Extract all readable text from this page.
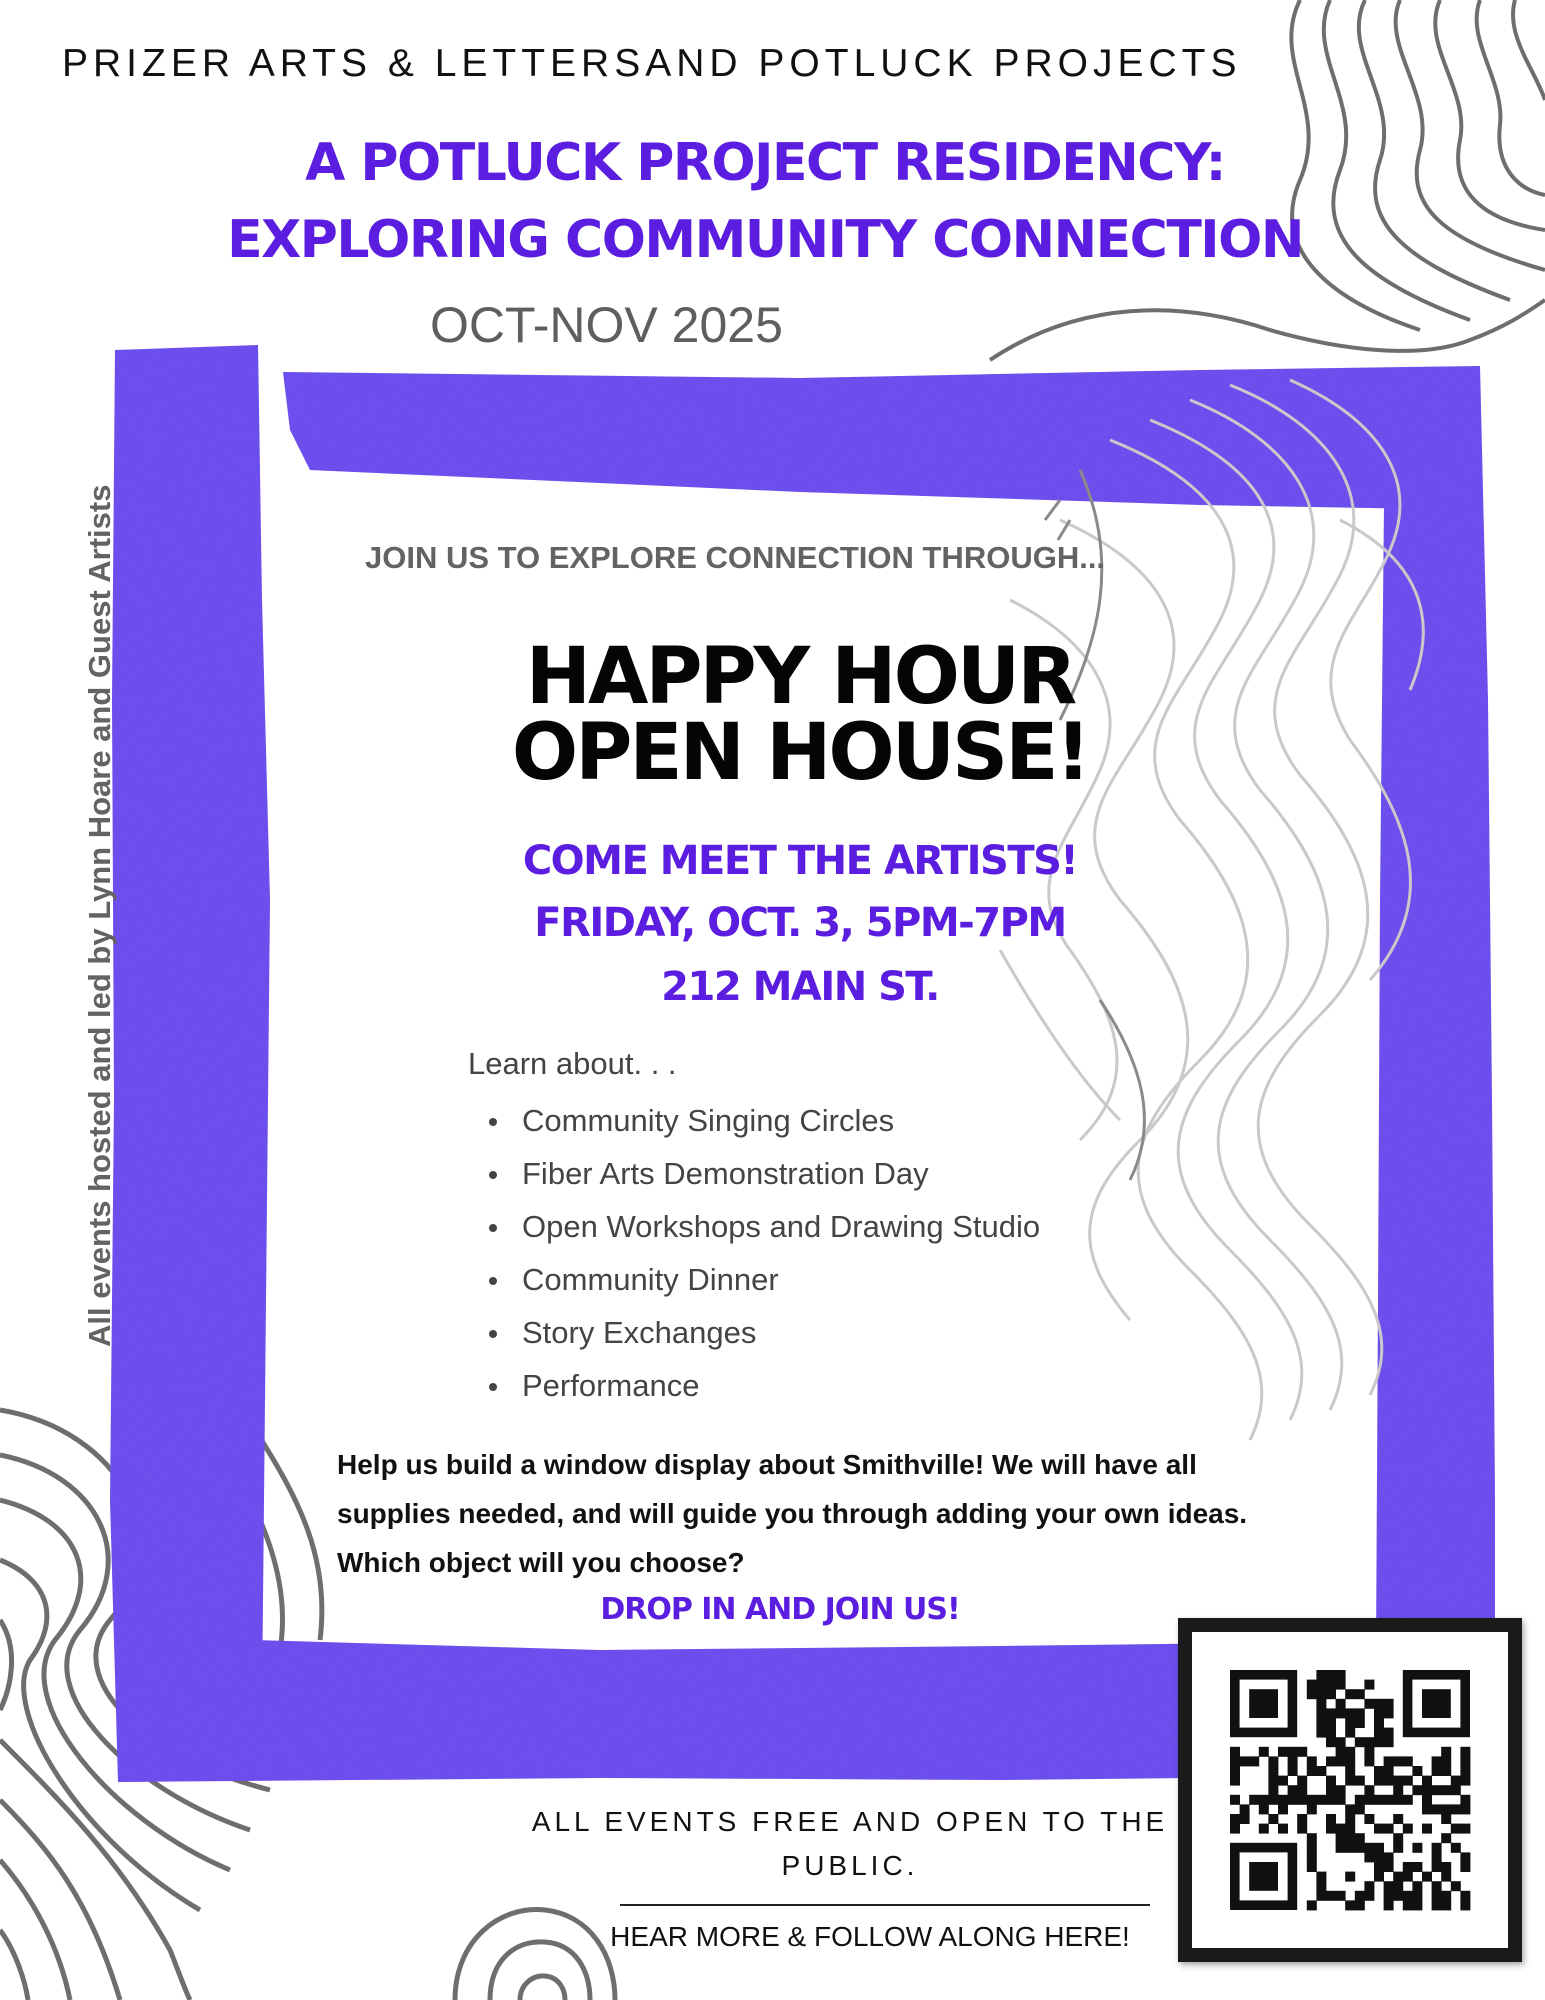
PRIZER ARTS & LETTERSAND POTLUCK PROJECTS
A POTLUCK PROJECT RESIDENCY:
EXPLORING COMMUNITY CONNECTION
OCT-NOV 2025
All events hosted and led by Lynn Hoare and Guest Artists	JOIN US TO EXPLORE CONNECTION THROUGH...
HAPPY HOUR
OPEN HOUSE!
COME MEET THE ARTISTS!
FRIDAY, OCT. 3, 5PM-7PM
212 MAIN ST.
Learn about. . .
Community Singing Circles
Fiber Arts Demonstration Day
Open Workshops and Drawing Studio
Community Dinner
Story Exchanges
Performance
Help us build a window display about Smithville! We will have all supplies needed, and will guide you through adding your own ideas. Which object will you choose?
DROP IN AND JOIN US!
ALL EVENTS FREE AND OPEN TO THE PUBLIC.
HEAR MORE & FOLLOW ALONG HERE!
